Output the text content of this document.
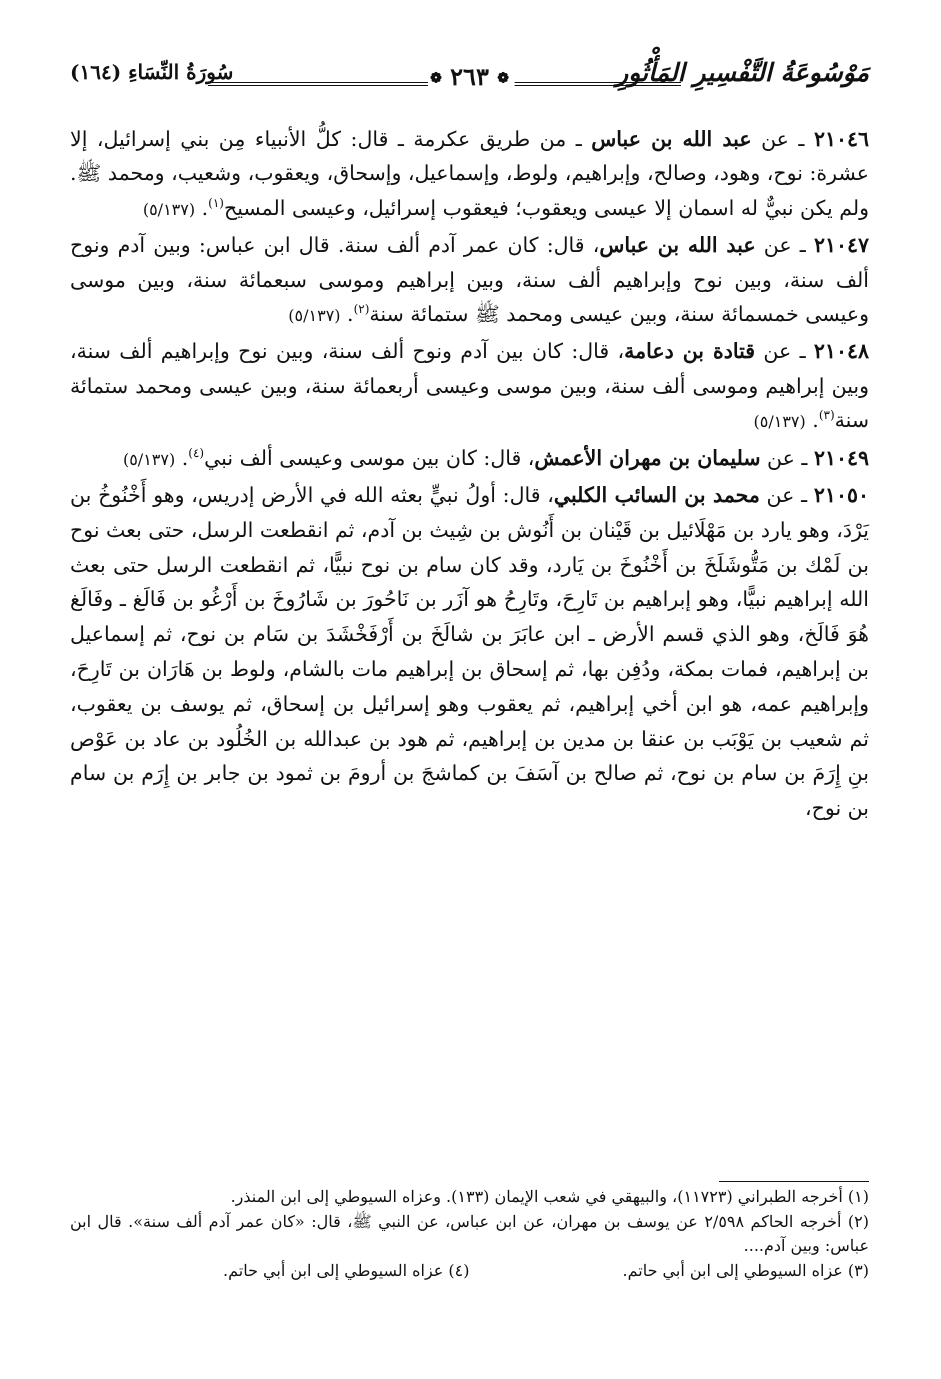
مَوْسُوعَةُ التَّفْسِيرِ المَأْثُورِ
❁ ٢٦٣ ❁
سُورَةُ النِّسَاءِ (١٦٤)

٢١٠٤٦ ـ عن عبد الله بن عباس ـ من طريق عكرمة ـ قال: كلُّ الأنبياء مِن بني إسرائيل، إلا عشرة: نوح، وهود، وصالح، وإبراهيم، ولوط، وإسماعيل، وإسحاق، ويعقوب، وشعيب، ومحمد ﷺ. ولم يكن نبيٌّ له اسمان إلا عيسى ويعقوب؛ فيعقوب إسرائيل، وعيسى المسيح$^{(١)}$. (٥/١٣٧)

٢١٠٤٧ ـ عن عبد الله بن عباس، قال: كان عمر آدم ألف سنة. قال ابن عباس: وبين آدم ونوح ألف سنة، وبين نوح وإبراهيم ألف سنة، وبين إبراهيم وموسى سبعمائة سنة، وبين موسى وعيسى خمسمائة سنة، وبين عيسى ومحمد ﷺ ستمائة سنة$^{(٢)}$. (٥/١٣٧)

٢١٠٤٨ ـ عن قتادة بن دعامة، قال: كان بين آدم ونوح ألف سنة، وبين نوح وإبراهيم ألف سنة، وبين إبراهيم وموسى ألف سنة، وبين موسى وعيسى أربعمائة سنة، وبين عيسى ومحمد ستمائة سنة$^{(٣)}$. (٥/١٣٧)

٢١٠٤٩ ـ عن سليمان بن مهران الأعمش، قال: كان بين موسى وعيسى ألف نبي$^{(٤)}$. (٥/١٣٧)

٢١٠٥٠ ـ عن محمد بن السائب الكلبي، قال: أولُ نبيٍّ بعثه الله في الأرض إدريس، وهو أَخْنُوخُ بن يَرْدَ، وهو يارد بن مَهْلَائيل بن قَيْنان بن أَنُوش بن شِيث بن آدم، ثم انقطعت الرسل، حتى بعث نوح بن لَمْك بن مَتُّوشَلَخَ بن أَخْنُوخَ بن يَارد، وقد كان سام بن نوح نبيًّا، ثم انقطعت الرسل حتى بعث الله إبراهيم نبيًّا، وهو إبراهيم بن تَارِحَ، وتَارِحُ هو آزَر بن نَاحُورَ بن شَارُوخَ بن أَرْغُو بن فَالَغ ـ وفَالَغ هُوَ فَالَخ، وهو الذي قسم الأرض ـ ابن عابَرَ بن شالَخَ بن أَرْفَخْشَدَ بن سَام بن نوح، ثم إسماعيل بن إبراهيم، فمات بمكة، ودُفِن بها، ثم إسحاق بن إبراهيم مات بالشام، ولوط بن هَارَان بن تَارِحَ، وإبراهيم عمه، هو ابن أخي إبراهيم، ثم يعقوب وهو إسرائيل بن إسحاق، ثم يوسف بن يعقوب، ثم شعيب بن يَوْبَب بن عنقا بن مدين بن إبراهيم، ثم هود بن عبدالله بن الخُلُود بن عاد بن عَوْص بنِ إِرَمَ بن سام بن نوح، ثم صالح بن آسَفَ بن كماشجَ بن أرومَ بن ثمود بن جابر بن إِرَم بن سام بن نوح،

(١) أخرجه الطبراني (١١٧٢٣)، والبيهقي في شعب الإيمان (١٣٣). وعزاه السيوطي إلى ابن المنذر.

(٢) أخرجه الحاكم ٢/٥٩٨ عن يوسف بن مهران، عن ابن عباس، عن النبي ﷺ، قال: «كان عمر آدم ألف سنة». قال ابن عباس: وبين آدم....

(٣) عزاه السيوطي إلى ابن أبي حاتم.

(٤) عزاه السيوطي إلى ابن أبي حاتم.
